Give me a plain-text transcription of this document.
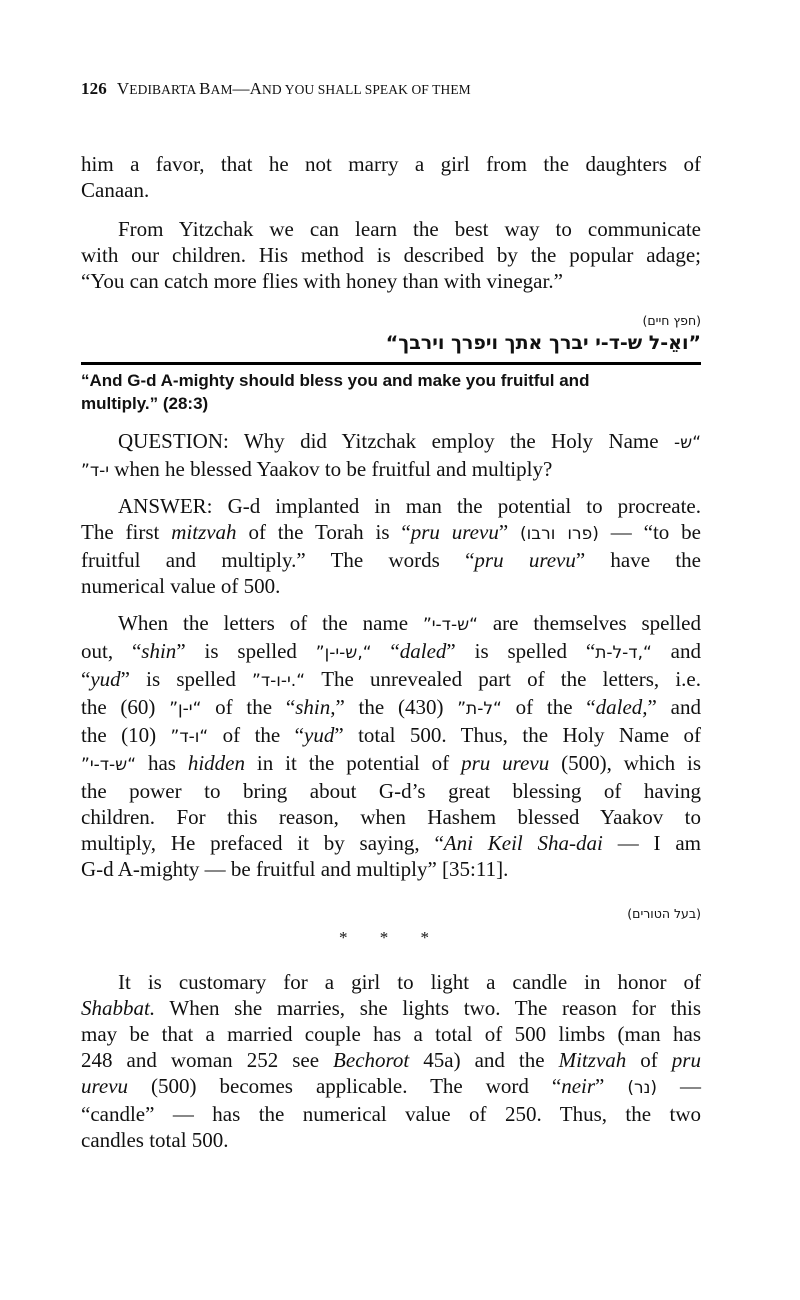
126 VEDIBARTA BAM—AND YOU SHALL SPEAK OF THEM

him a favor, that he not marry a girl from the daughters of
Canaan.

From Yitzchak we can learn the best way to communicate
with our children. His method is described by the popular adage;
“You can catch more flies with honey than with vinegar.”

(חפץ חיים)
”ואֵ-ל ש-ד-י יברך אתך ויפרך וירבך“
“And G-d A-mighty should bless you and make you fruitful and
multiply.” (28:3)

QUESTION: Why did Yitzchak employ the Holy Name -ש“
”י-ד when he blessed Yaakov to be fruitful and multiply?

ANSWER: G-d implanted in man the potential to procreate.
The first mitzvah of the Torah is “pru urevu” (פרו ורבו) — “to be
fruitful and multiply.” The words “pru urevu” have the
numerical value of 500.

When the letters of the name ”ש-ד-י“ are themselves spelled
out, “shin” is spelled ”ש-י-ן,“ “daled” is spelled “ד-ל-ת,“ and
“yud” is spelled ”י-ו-ד.“ The unrevealed part of the letters, i.e.
the (60) ”י-ן“ of the “shin,” the (430) ”ל-ת“ of the “daled,” and
the (10) ”ו-ד“ of the “yud” total 500. Thus, the Holy Name of
”ש-ד-י“ has hidden in it the potential of pru urevu (500), which is
the power to bring about G-d’s great blessing of having
children. For this reason, when Hashem blessed Yaakov to
multiply, He prefaced it by saying, “Ani Keil Sha-dai — I am
G-d A-mighty — be fruitful and multiply” [35:11].

(בעל הטורים)
* * *

It is customary for a girl to light a candle in honor of
Shabbat. When she marries, she lights two. The reason for this
may be that a married couple has a total of 500 limbs (man has
248 and woman 252 see Bechorot 45a) and the Mitzvah of pru
urevu (500) becomes applicable. The word “neir” (נר) —
“candle” — has the numerical value of 250. Thus, the two
candles total 500.
